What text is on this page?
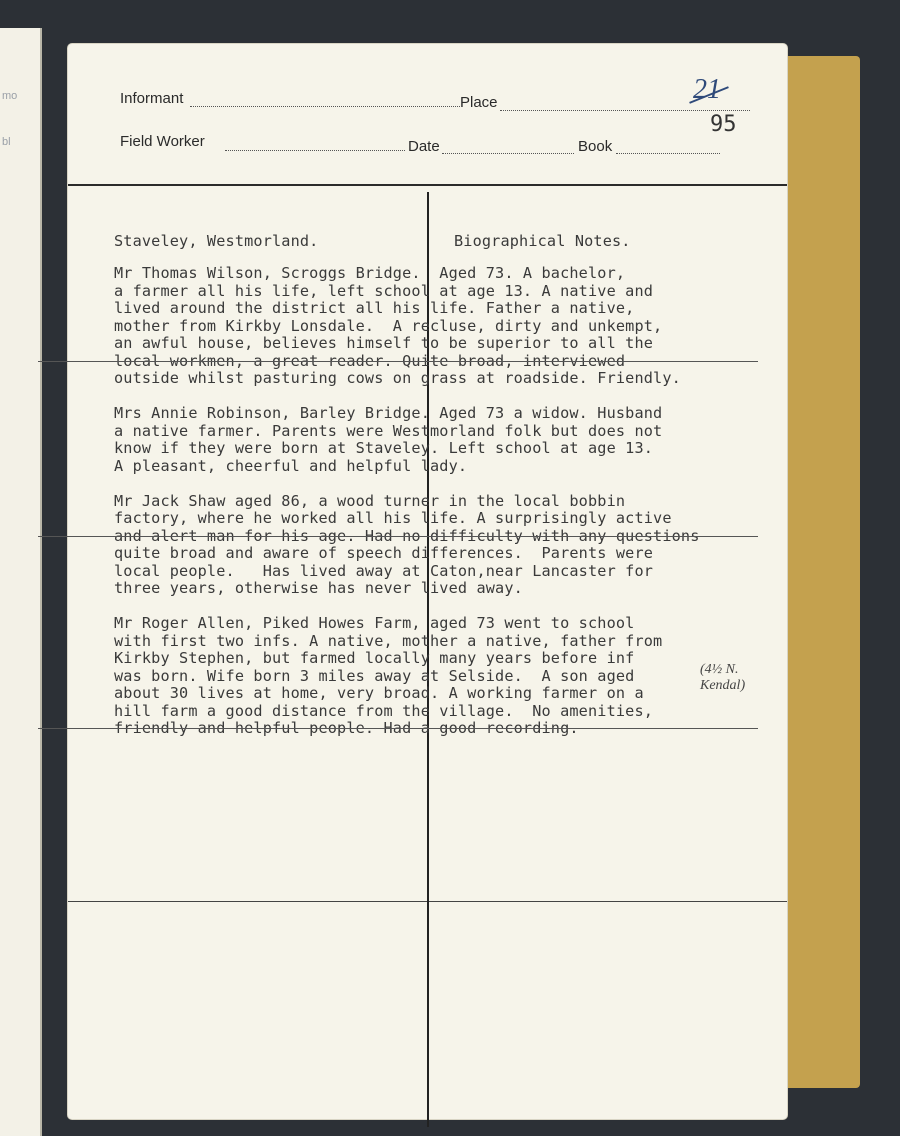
mo
bl
Informant	Place	21
95
Field Worker	Date	Book
Staveley, Westmorland.	Biographical Notes.
Mr Thomas Wilson, Scroggs Bridge.  Aged 73. A bachelor,
a farmer all his life, left school at age 13. A native and
lived around the district all his life. Father a native,
mother from Kirkby Lonsdale.  A recluse, dirty and unkempt,
an awful house, believes himself to be superior to all the
local workmen, a great reader. Quite broad, interviewed
outside whilst pasturing cows on grass at roadside. Friendly.
Mrs Annie Robinson, Barley Bridge. Aged 73 a widow. Husband
a native farmer. Parents were Westmorland folk but does not
know if they were born at Staveley. Left school at age 13.
A pleasant, cheerful and helpful lady.
Mr Jack Shaw aged 86, a wood turner in the local bobbin
factory, where he worked all his life. A surprisingly active
and alert man for his age. Had no difficulty with any questions
quite broad and aware of speech differences.  Parents were
local people.   Has lived away at Caton,near Lancaster for
three years, otherwise has never lived away.
Mr Roger Allen, Piked Howes Farm, aged 73 went to school
with first two infs. A native, mother a native, father from
Kirkby Stephen, but farmed locally many years before inf
was born. Wife born 3 miles away at Selside.  A son aged
about 30 lives at home, very broad. A working farmer on a
hill farm a good distance from the village.  No amenities,
friendly and helpful people. Had a good recording.
(4½ N. Kendal)
